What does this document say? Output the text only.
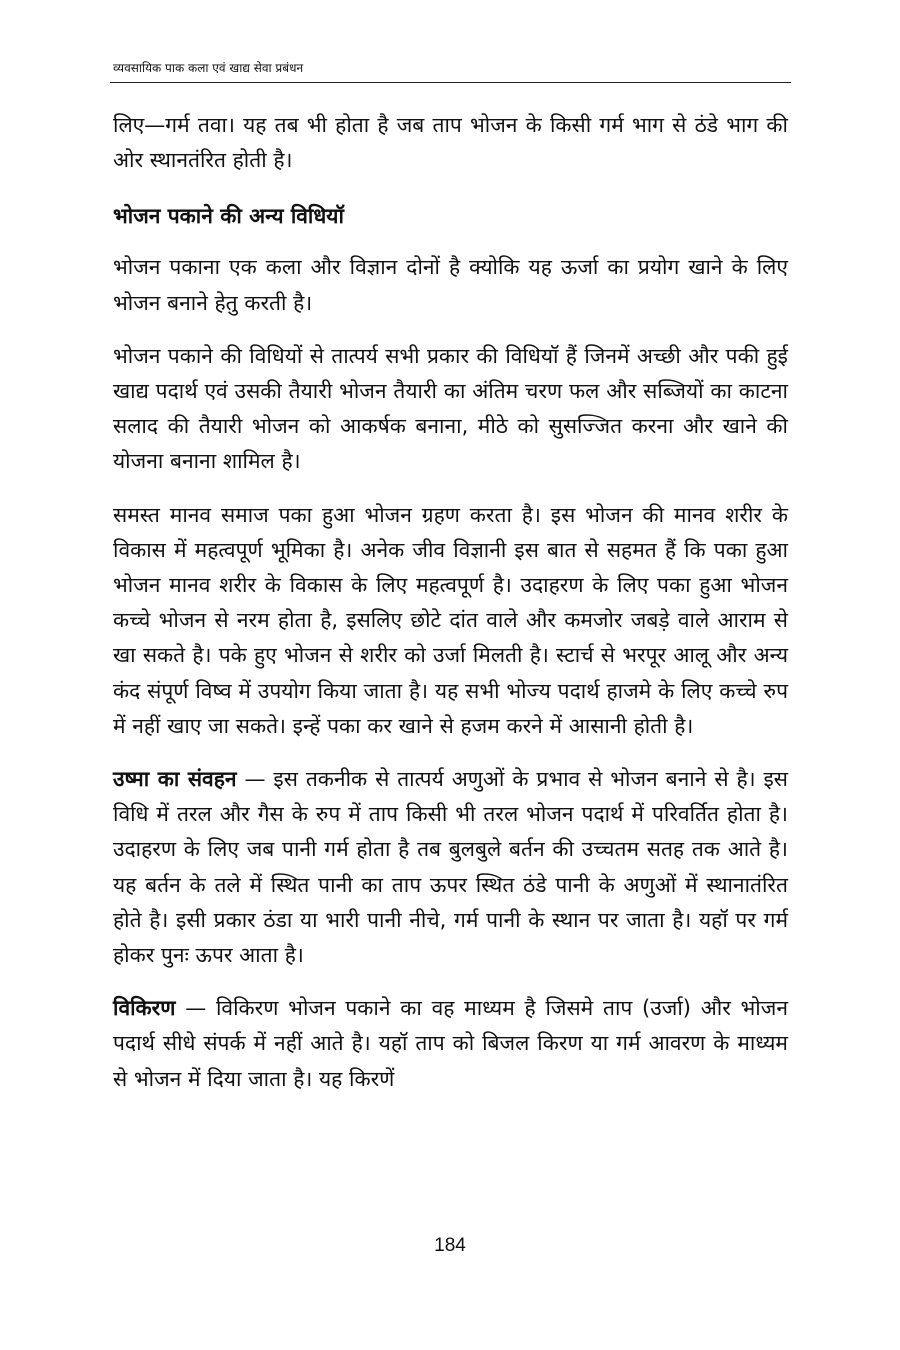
व्यवसायिक पाक कला एवं खाद्य सेवा प्रबंधन

लिए—गर्म तवा। यह तब भी होता है जब ताप भोजन के किसी गर्म भाग से ठंडे भाग की ओर स्थानतंरित होती है।

भोजन पकाने की अन्य विधियॉ

भोजन पकाना एक कला और विज्ञान दोनों है क्योकि यह ऊर्जा का प्रयोग खाने के लिए भोजन बनाने हेतु करती है।

भोजन पकाने की विधियों से तात्पर्य सभी प्रकार की विधियॉ हैं जिनमें अच्छी और पकी हुई खाद्य पदार्थ एवं उसकी तैयारी भोजन तैयारी का अंतिम चरण फल और सब्जियों का काटना सलाद की तैयारी भोजन को आकर्षक बनाना, मीठे को सुसज्जित करना और खाने की योजना बनाना शामिल है।

समस्त मानव समाज पका हुआ भोजन ग्रहण करता है। इस भोजन की मानव शरीर के विकास में महत्वपूर्ण भूमिका है। अनेक जीव विज्ञानी इस बात से सहमत हैं कि पका हुआ भोजन मानव शरीर के विकास के लिए महत्वपूर्ण है। उदाहरण के लिए पका हुआ भोजन कच्चे भोजन से नरम होता है, इसलिए छोटे दांत वाले और कमजोर जबड़े वाले आराम से खा सकते है। पके हुए भोजन से शरीर को उर्जा मिलती है। स्टार्च से भरपूर आलू और अन्य कंद संपूर्ण विष्व में उपयोग किया जाता है। यह सभी भोज्य पदार्थ हाजमे के लिए कच्चे रुप में नहीं खाए जा सकते। इन्हें पका कर खाने से हजम करने में आसानी होती है।

उष्मा का संवहन — इस तकनीक से तात्पर्य अणुओं के प्रभाव से भोजन बनाने से है। इस विधि में तरल और गैस के रुप में ताप किसी भी तरल भोजन पदार्थ में परिवर्तित होता है। उदाहरण के लिए जब पानी गर्म होता है तब बुलबुले बर्तन की उच्चतम सतह तक आते है। यह बर्तन के तले में स्थित पानी का ताप ऊपर स्थित ठंडे पानी के अणुओं में स्थानातंरित होते है। इसी प्रकार ठंडा या भारी पानी नीचे, गर्म पानी के स्थान पर जाता है। यहॉ पर गर्म होकर पुनः ऊपर आता है।

विकिरण — विकिरण भोजन पकाने का वह माध्यम है जिसमे ताप (उर्जा) और भोजन पदार्थ सीधे संपर्क में नहीं आते है। यहॉ ताप को बिजल किरण या गर्म आवरण के माध्यम से भोजन में दिया जाता है। यह किरणें

184
